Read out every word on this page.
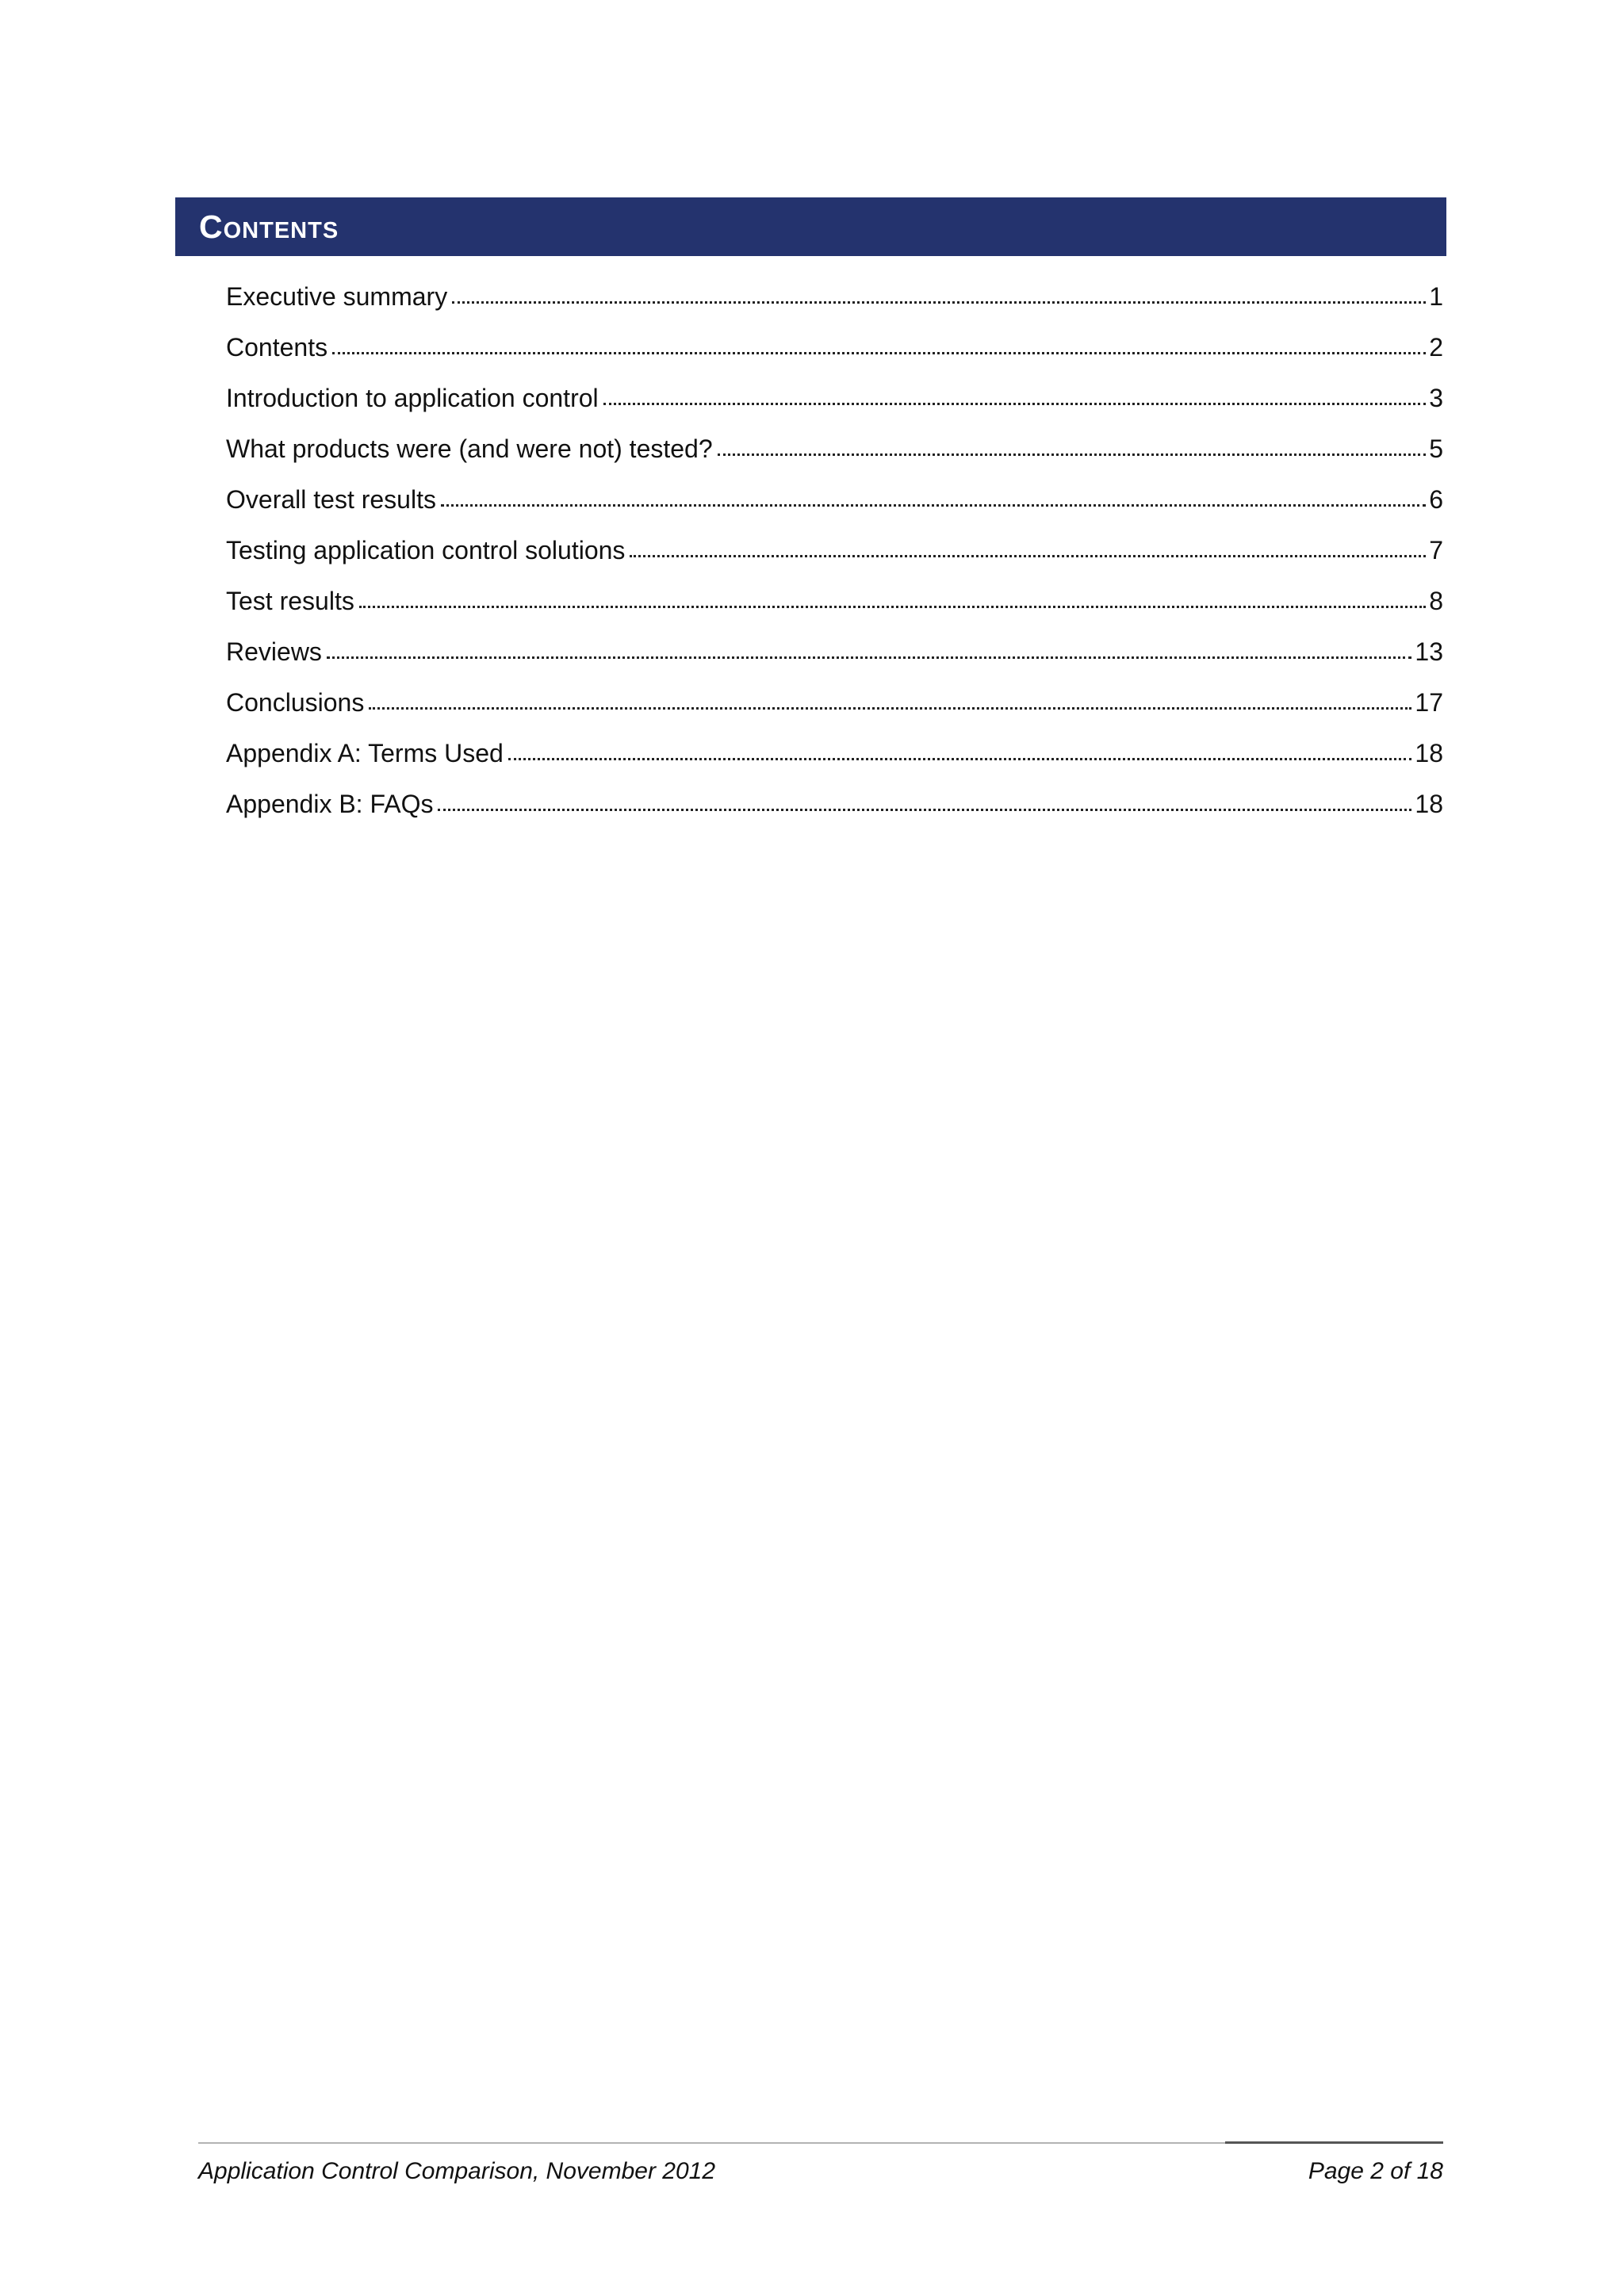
Contents
Executive summary	1
Contents	2
Introduction to application control	3
What products were (and were not) tested?	5
Overall test results	6
Testing application control solutions	7
Test results	8
Reviews	13
Conclusions	17
Appendix A: Terms Used	18
Appendix B: FAQs	18
Application Control Comparison, November 2012	Page 2 of 18
